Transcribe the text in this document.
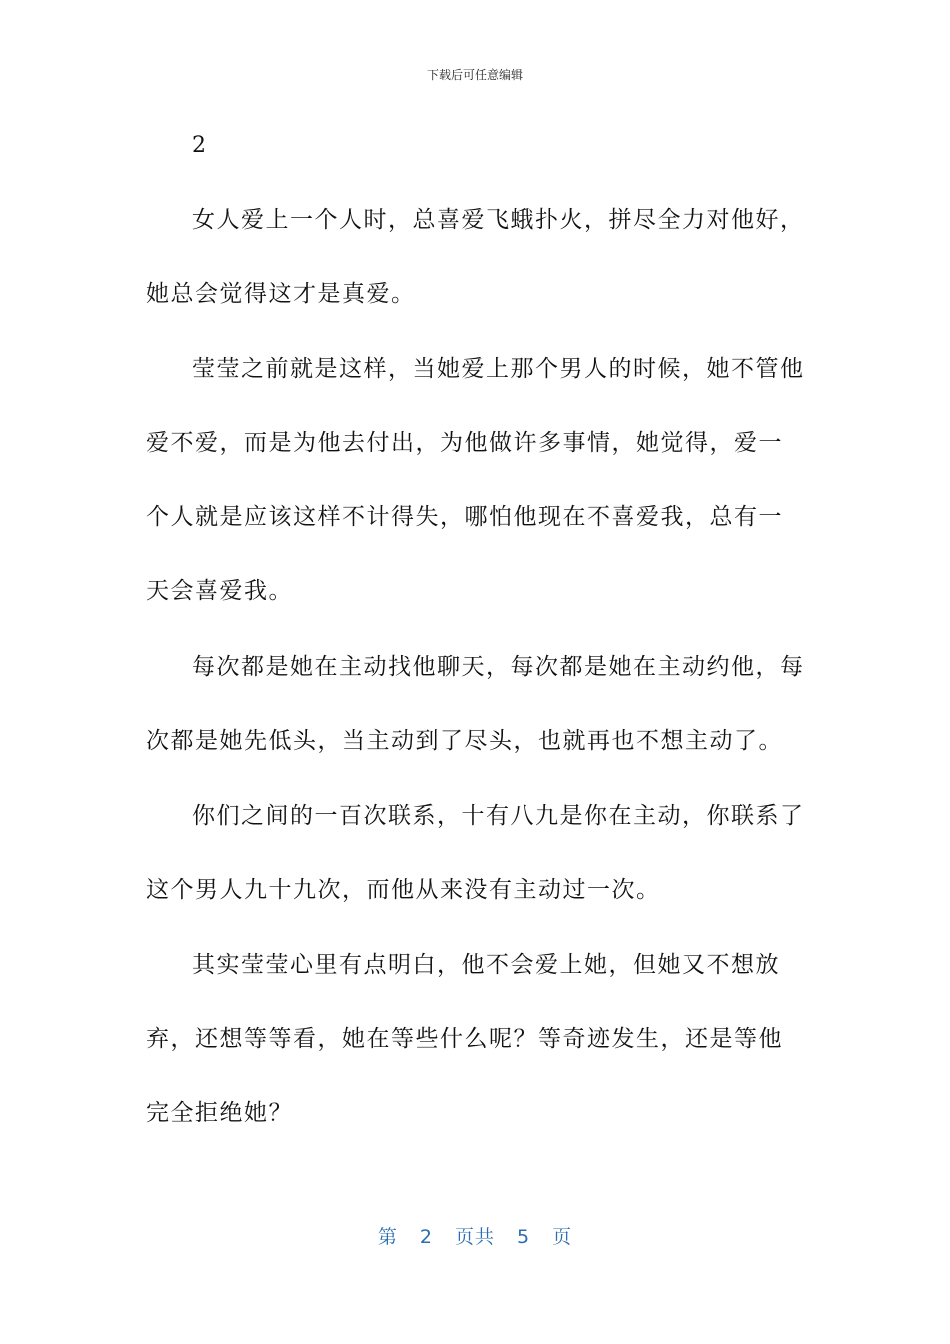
下载后可任意编辑
2

女人爱上一个人时，总喜爱飞蛾扑火，拼尽全力对他好，她总会觉得这才是真爱。

莹莹之前就是这样，当她爱上那个男人的时候，她不管他爱不爱，而是为他去付出，为他做许多事情，她觉得，爱一个人就是应该这样不计得失，哪怕他现在不喜爱我，总有一天会喜爱我。

每次都是她在主动找他聊天，每次都是她在主动约他，每次都是她先低头，当主动到了尽头，也就再也不想主动了。

你们之间的一百次联系，十有八九是你在主动，你联系了这个男人九十九次，而他从来没有主动过一次。

其实莹莹心里有点明白，他不会爱上她，但她又不想放弃，还想等等看，她在等些什么呢？等奇迹发生，还是等他完全拒绝她？

第 2 页共 5 页
